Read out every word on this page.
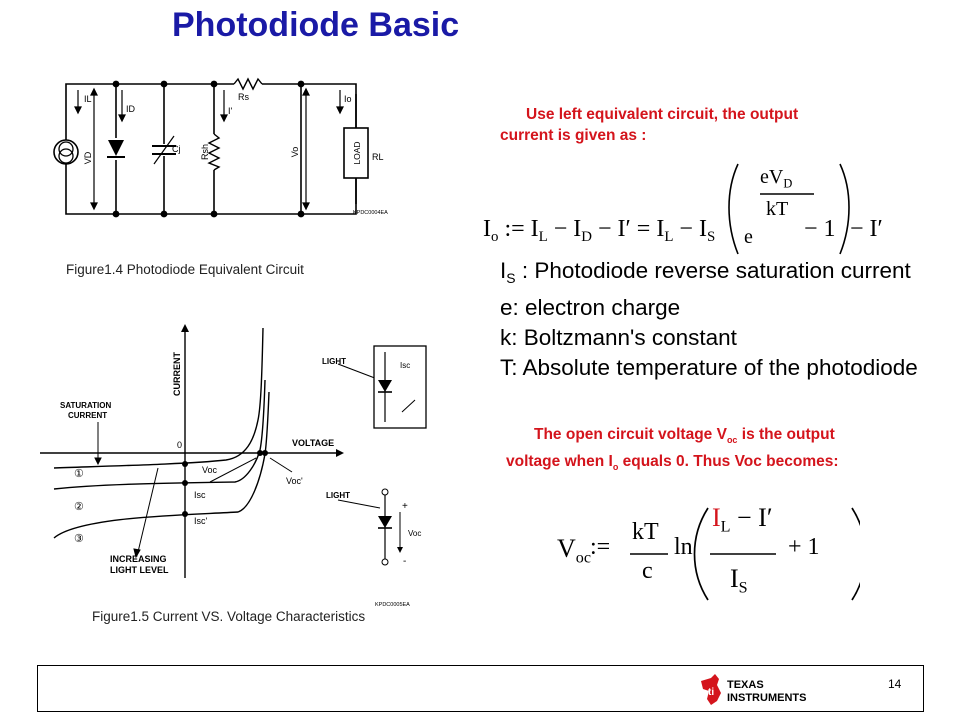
Photodiode Basic
IL
ID
Rs	Io
I'
Cj
RL
KPDC0004EA
VD	Rsh	Vo	LOAD
Figure1.4 Photodiode Equivalent Circuit
CURRENT
VOLTAGE
0
LIGHT	Isc
SATURATION
CURRENT
Voc
Voc'
Isc
Isc'
①
②
③
INCREASING
LIGHT LEVEL
LIGHT
+
-
Voc
KPDC0005EA
Figure1.5 Current VS. Voltage Characteristics
Use left equivalent circuit, the output
current is given as :
$I_o$ := $I_L - I_D - I' = I_L - I_S$ e
$eV_D$
kT
− 1 − I′
$I_S$ : Photodiode reverse saturation current
e: electron charge
k: Boltzmann's constant
T: Absolute temperature of the photodiode
The open circuit voltage $V_{oc}$ is the output
voltage when $I_o$ equals 0. Thus Voc becomes:
$V_{oc}$ :=
kT
c
ln
$I_L - I'$
$I_S$
+ 1
ti
TEXAS
INSTRUMENTS
14
